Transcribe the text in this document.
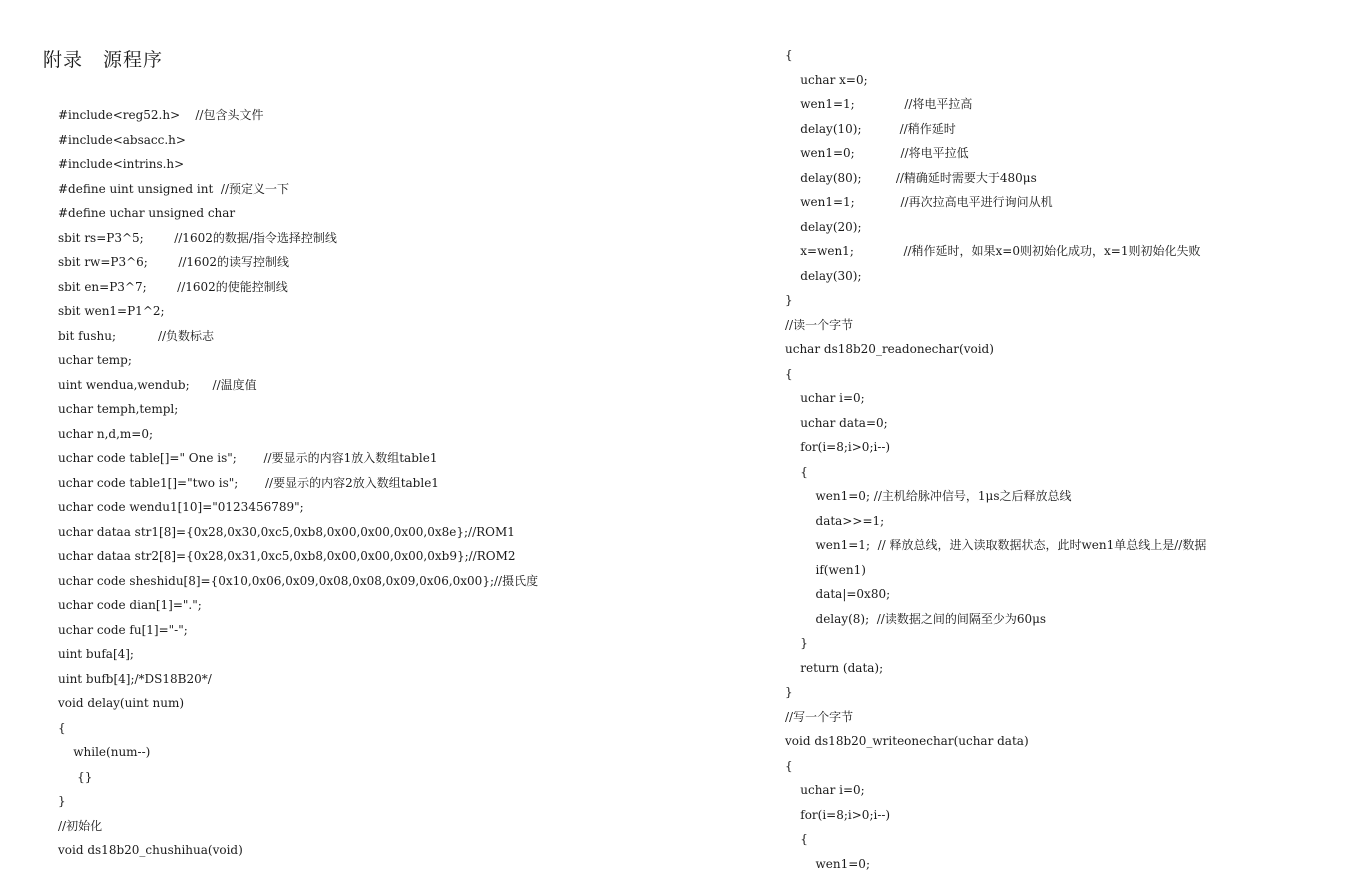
附录　源程序
#include<reg52.h>    //包含头文件
#include<absacc.h>
#include<intrins.h>
#define uint unsigned int  //预定义一下
#define uchar unsigned char
sbit rs=P3^5;        //1602的数据/指令选择控制线
sbit rw=P3^6;        //1602的读写控制线
sbit en=P3^7;        //1602的使能控制线
sbit wen1=P1^2;
bit fushu;           //负数标志
uchar temp;
uint wendua,wendub;      //温度值
uchar temph,templ;
uchar n,d,m=0;
uchar code table[]=" One is";       //要显示的内容1放入数组table1
uchar code table1[]="two is";       //要显示的内容2放入数组table1
uchar code wendu1[10]="0123456789";
uchar dataa str1[8]={0x28,0x30,0xc5,0xb8,0x00,0x00,0x00,0x8e};//ROM1
uchar dataa str2[8]={0x28,0x31,0xc5,0xb8,0x00,0x00,0x00,0xb9};//ROM2
uchar code sheshidu[8]={0x10,0x06,0x09,0x08,0x08,0x09,0x06,0x00};//摄氏度
uchar code dian[1]=".";
uchar code fu[1]="-";
uint bufa[4];
uint bufb[4];/*DS18B20*/
void delay(uint num)
{
while(num--)
{}
}
//初始化
void ds18b20_chushihua(void)
{
uchar x=0;
wen1=1;             //将电平拉高
delay(10);          //稍作延时
wen1=0;            //将电平拉低
delay(80);         //精确延时需要大于480μs
wen1=1;            //再次拉高电平进行询问从机
delay(20);
x=wen1;             //稍作延时，如果x=0则初始化成功，x=1则初始化失败
delay(30);
}
//读一个字节
uchar ds18b20_readonechar(void)
{
uchar i=0;
uchar data=0;
for(i=8;i>0;i--)
{
wen1=0; //主机给脉冲信号，1μs之后释放总线
data>>=1;
wen1=1;  // 释放总线，进入读取数据状态，此时wen1单总线上是//数据
if(wen1)
data|=0x80;
delay(8);  //读数据之间的间隔至少为60μs
}
return (data);
}
//写一个字节
void ds18b20_writeonechar(uchar data)
{
uchar i=0;
for(i=8;i>0;i--)
{
wen1=0;
